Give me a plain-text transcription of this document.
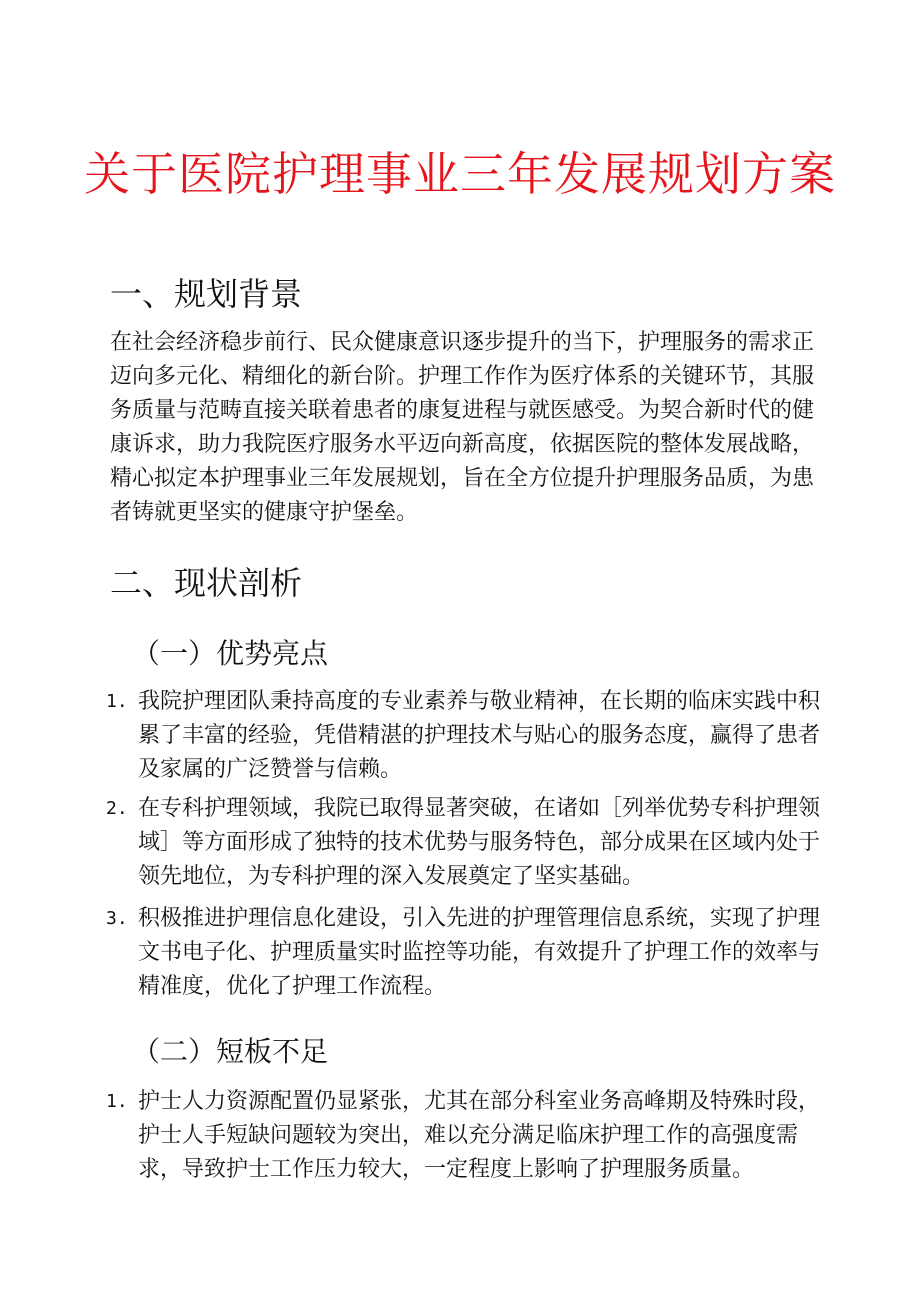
关于医院护理事业三年发展规划方案
一、规划背景
在社会经济稳步前行、民众健康意识逐步提升的当下，护理服务的需求正
迈向多元化、精细化的新台阶。护理工作作为医疗体系的关键环节，其服
务质量与范畴直接关联着患者的康复进程与就医感受。为契合新时代的健
康诉求，助力我院医疗服务水平迈向新高度，依据医院的整体发展战略，
精心拟定本护理事业三年发展规划，旨在全方位提升护理服务品质，为患
者铸就更坚实的健康守护堡垒。
二、现状剖析
（一）优势亮点
1. 我院护理团队秉持高度的专业素养与敬业精神，在长期的临床实践中积
累了丰富的经验，凭借精湛的护理技术与贴心的服务态度，赢得了患者
及家属的广泛赞誉与信赖。
2. 在专科护理领域，我院已取得显著突破，在诸如［列举优势专科护理领
域］等方面形成了独特的技术优势与服务特色，部分成果在区域内处于
领先地位，为专科护理的深入发展奠定了坚实基础。
3. 积极推进护理信息化建设，引入先进的护理管理信息系统，实现了护理
文书电子化、护理质量实时监控等功能，有效提升了护理工作的效率与
精准度，优化了护理工作流程。
（二）短板不足
1. 护士人力资源配置仍显紧张，尤其在部分科室业务高峰期及特殊时段，
护士人手短缺问题较为突出，难以充分满足临床护理工作的高强度需
求，导致护士工作压力较大，一定程度上影响了护理服务质量。
